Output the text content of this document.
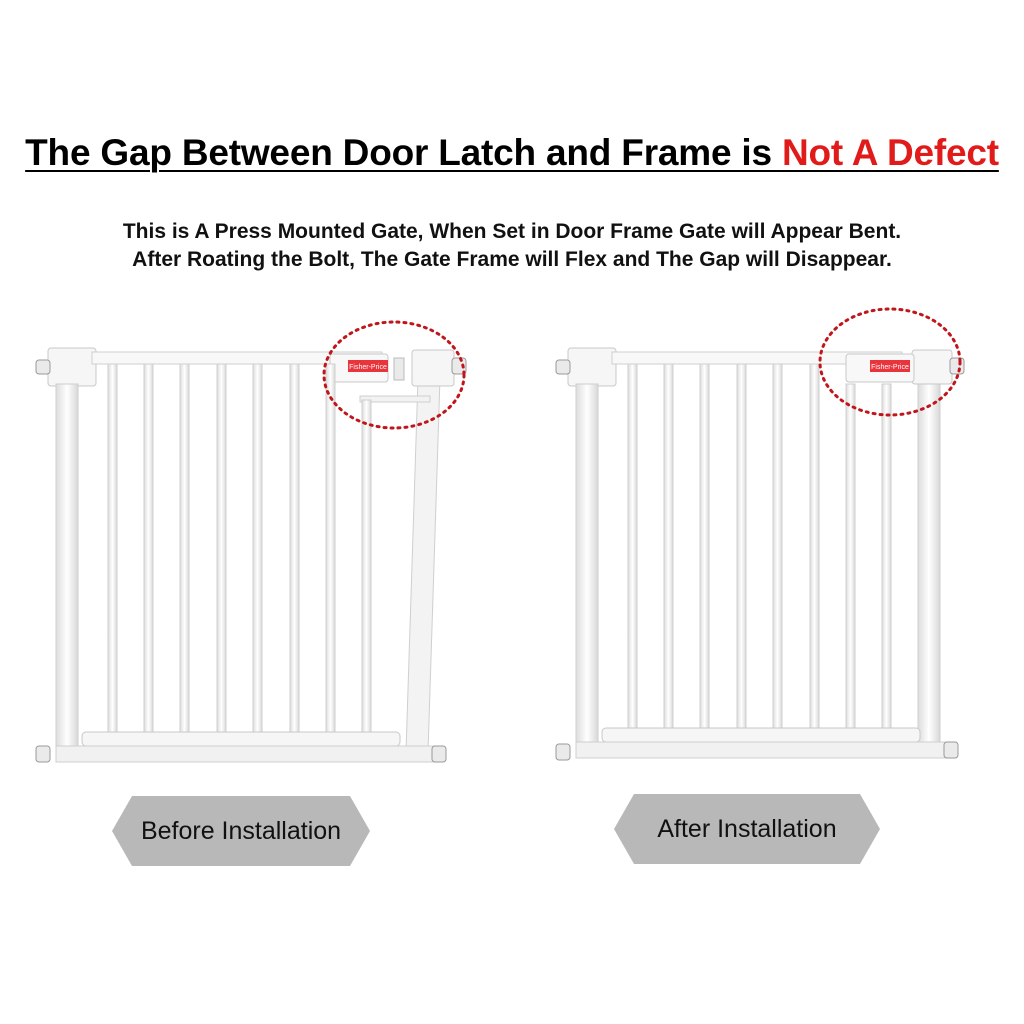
The Gap Between Door Latch and Frame is Not A Defect
This is A Press Mounted Gate, When Set in Door Frame Gate will Appear Bent.
After Roating the Bolt, The Gate Frame will Flex and The Gap will Disappear.
Fisher-Price	Fisher-Price
Before Installation	After Installation
